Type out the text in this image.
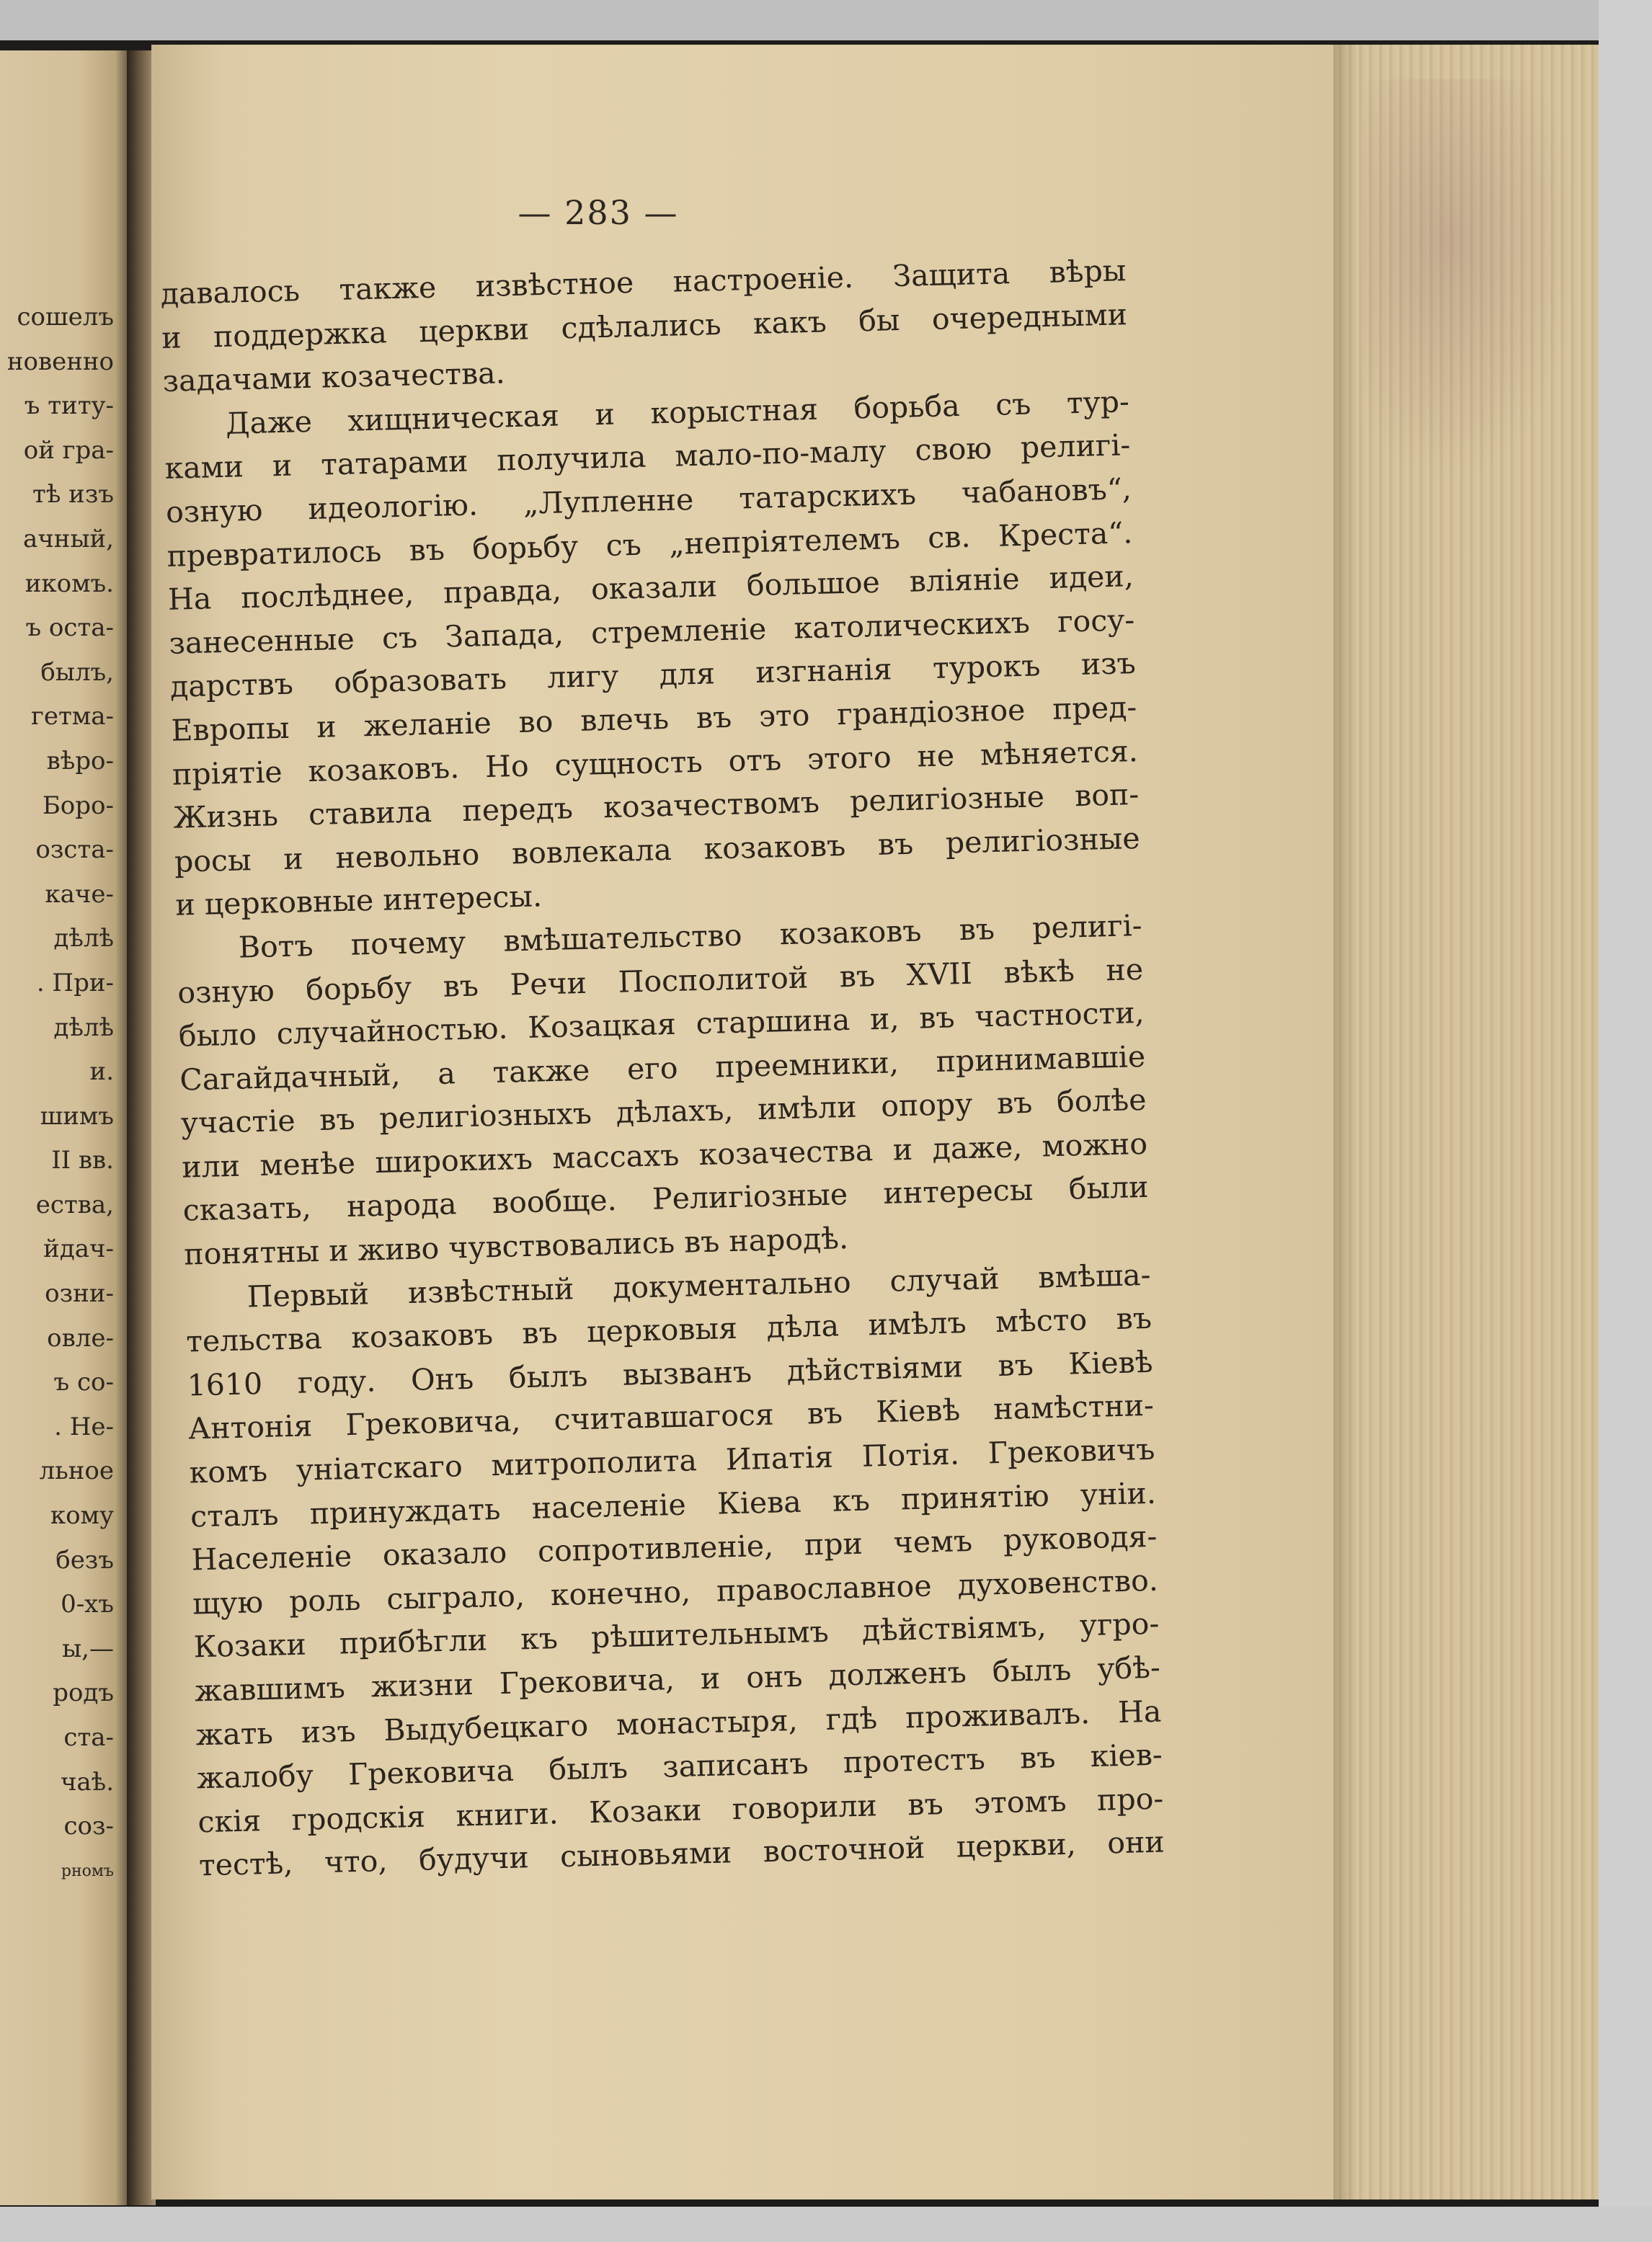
сошелъ
новенно
ъ титу-
ой гра-
тѣ изъ
ачный,
икомъ.
ъ оста-
былъ,
гетма-
вѣро-
Боро-
озста-
каче-
дѣлѣ
. При-
дѣлѣ
и.
шимъ
II вв.
ества,
йдач-
озни-
овле-
ъ со-
. Не-
льное
кому
безъ
0-хъ
ы,—
родъ
ста-
чаѣ.
соз-
рномъ
— 283 —
давалось также извѣстное настроеніе. Защита вѣры
и поддержка церкви сдѣлались какъ бы очередными
задачами козачества.
Даже хищническая и корыстная борьба съ тур-
ками и татарами получила мало-по-малу свою религі-
озную идеологію. „Лупленне татарскихъ чабановъ“,
превратилось въ борьбу съ „непріятелемъ св. Креста“.
На послѣднее, правда, оказали большое вліяніе идеи,
занесенные съ Запада, стремленіе католическихъ госу-
дарствъ образовать лигу для изгнанія турокъ изъ
Европы и желаніе во влечь въ это грандіозное пред-
пріятіе козаковъ. Но сущность отъ этого не мѣняется.
Жизнь ставила передъ козачествомъ религіозные воп-
росы и невольно вовлекала козаковъ въ религіозные
и церковные интересы.
Вотъ почему вмѣшательство козаковъ въ религі-
озную борьбу въ Речи Посполитой въ XVII вѣкѣ не
было случайностью. Козацкая старшина и, въ частности,
Сагайдачный, а также его преемники, принимавшіе
участіе въ религіозныхъ дѣлахъ, имѣли опору въ болѣе
или менѣе широкихъ массахъ козачества и даже, можно
сказать, народа вообще. Религіозные интересы были
понятны и живо чувствовались въ народѣ.
Первый извѣстный документально случай вмѣша-
тельства козаковъ въ церковыя дѣла имѣлъ мѣсто въ
1610 году. Онъ былъ вызванъ дѣйствіями въ Кіевѣ
Антонія Грековича, считавшагося въ Кіевѣ намѣстни-
комъ уніатскаго митрополита Ипатія Потія. Грековичъ
сталъ принуждать населеніе Кіева къ принятію уніи.
Населеніе оказало сопротивленіе, при чемъ руководя-
щую роль сыграло, конечно, православное духовенство.
Козаки прибѣгли къ рѣшительнымъ дѣйствіямъ, угро-
жавшимъ жизни Грековича, и онъ долженъ былъ убѣ-
жать изъ Выдубецкаго монастыря, гдѣ проживалъ. На
жалобу Грековича былъ записанъ протестъ въ кіев-
скія гродскія книги. Козаки говорили въ этомъ про-
тестѣ, что, будучи сыновьями восточной церкви, они
